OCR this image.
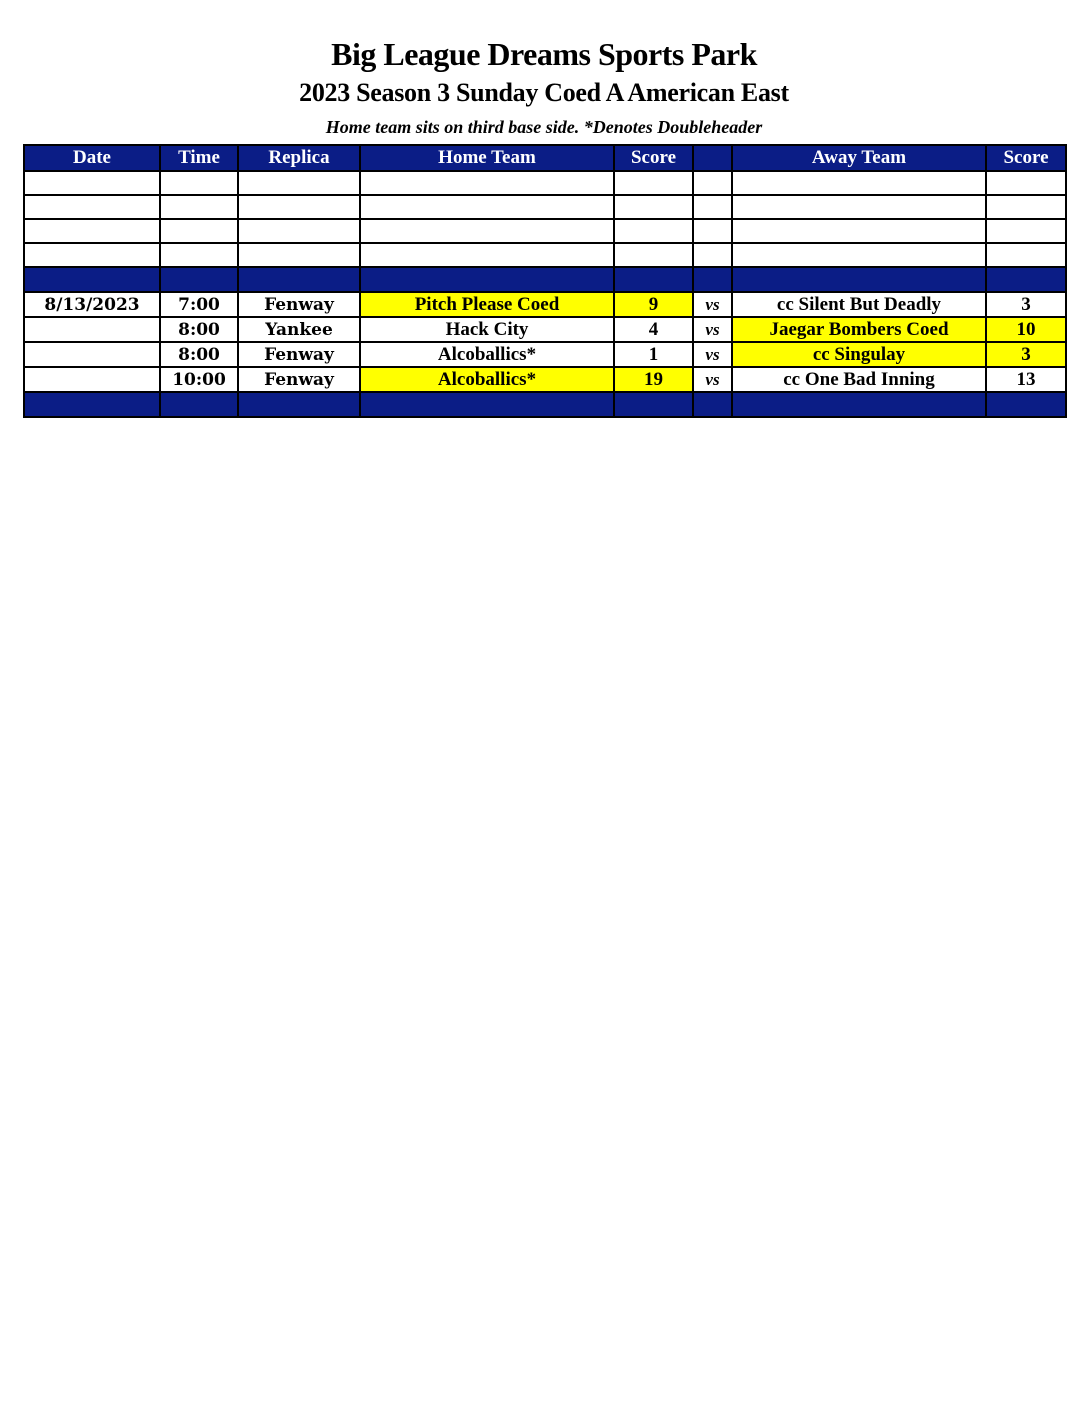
Big League Dreams Sports Park
2023 Season 3 Sunday Coed A American East
Home team sits on third base side. *Denotes Doubleheader
Date	Time	Replica	Home Team	Score		Away Team	Score

8/13/2023	7:00	Fenway	Pitch Please Coed	9	vs	cc Silent But Deadly	3
	8:00	Yankee	Hack City	4	vs	Jaegar Bombers Coed	10
	8:00	Fenway	Alcoballics*	1	vs	cc Singulay	3
	10:00	Fenway	Alcoballics*	19	vs	cc One Bad Inning	13
